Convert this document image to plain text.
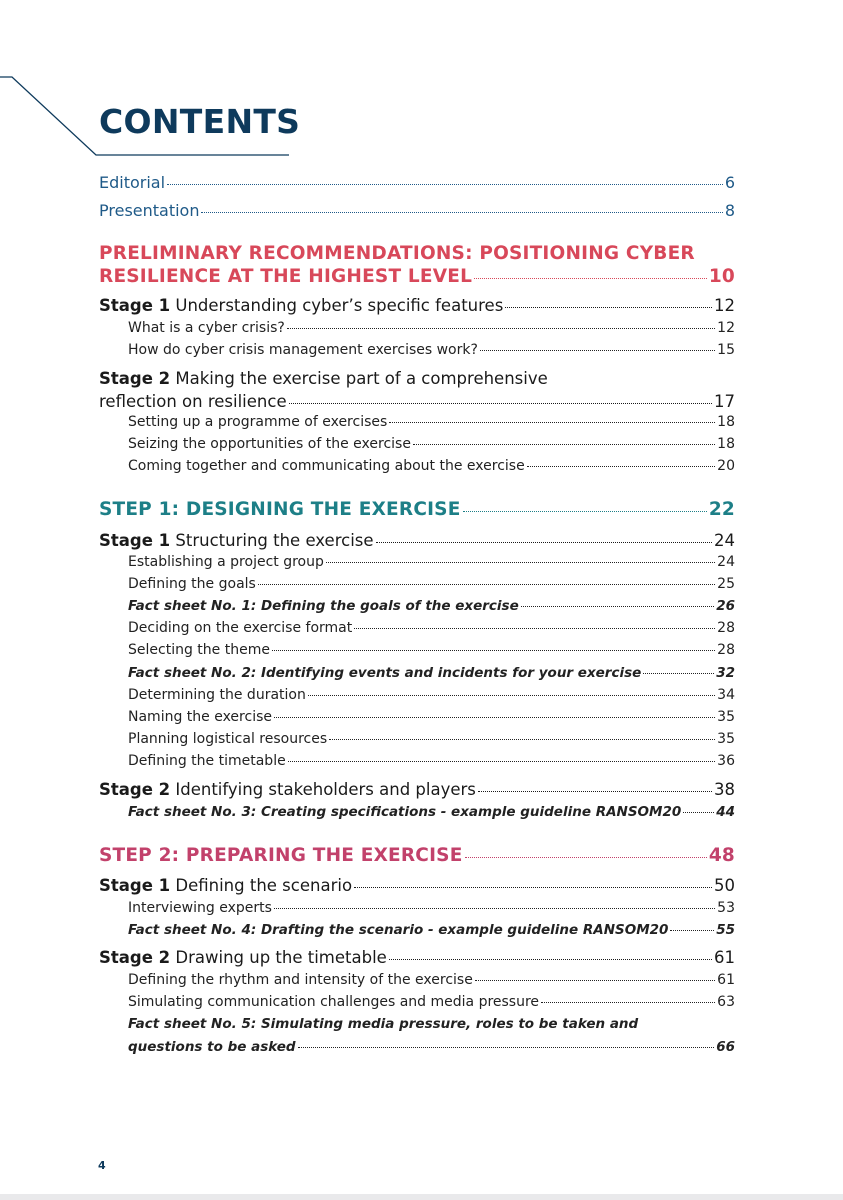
CONTENTS
Editorial	6
Presentation	8
PRELIMINARY RECOMMENDATIONS: POSITIONING CYBER
RESILIENCE AT THE HIGHEST LEVEL	10
Stage 1 Understanding cyber’s specific features	12
What is a cyber crisis?	12
How do cyber crisis management exercises work?	15
Stage 2 Making the exercise part of a comprehensive
reflection on resilience	17
Setting up a programme of exercises	18
Seizing the opportunities of the exercise	18
Coming together and communicating about the exercise	20
STEP 1: DESIGNING THE EXERCISE	22
Stage 1 Structuring the exercise	24
Establishing a project group	24
Defining the goals	25
Fact sheet No. 1: Defining the goals of the exercise	26
Deciding on the exercise format	28
Selecting the theme	28
Fact sheet No. 2: Identifying events and incidents for your exercise	32
Determining the duration	34
Naming the exercise	35
Planning logistical resources	35
Defining the timetable	36
Stage 2 Identifying stakeholders and players	38
Fact sheet No. 3: Creating specifications - example guideline RANSOM20	44
STEP 2: PREPARING THE EXERCISE	48
Stage 1 Defining the scenario	50
Interviewing experts	53
Fact sheet No. 4: Drafting the scenario - example guideline RANSOM20	55
Stage 2 Drawing up the timetable	61
Defining the rhythm and intensity of the exercise	61
Simulating communication challenges and media pressure	63
Fact sheet No. 5: Simulating media pressure, roles to be taken and
questions to be asked	66
4
